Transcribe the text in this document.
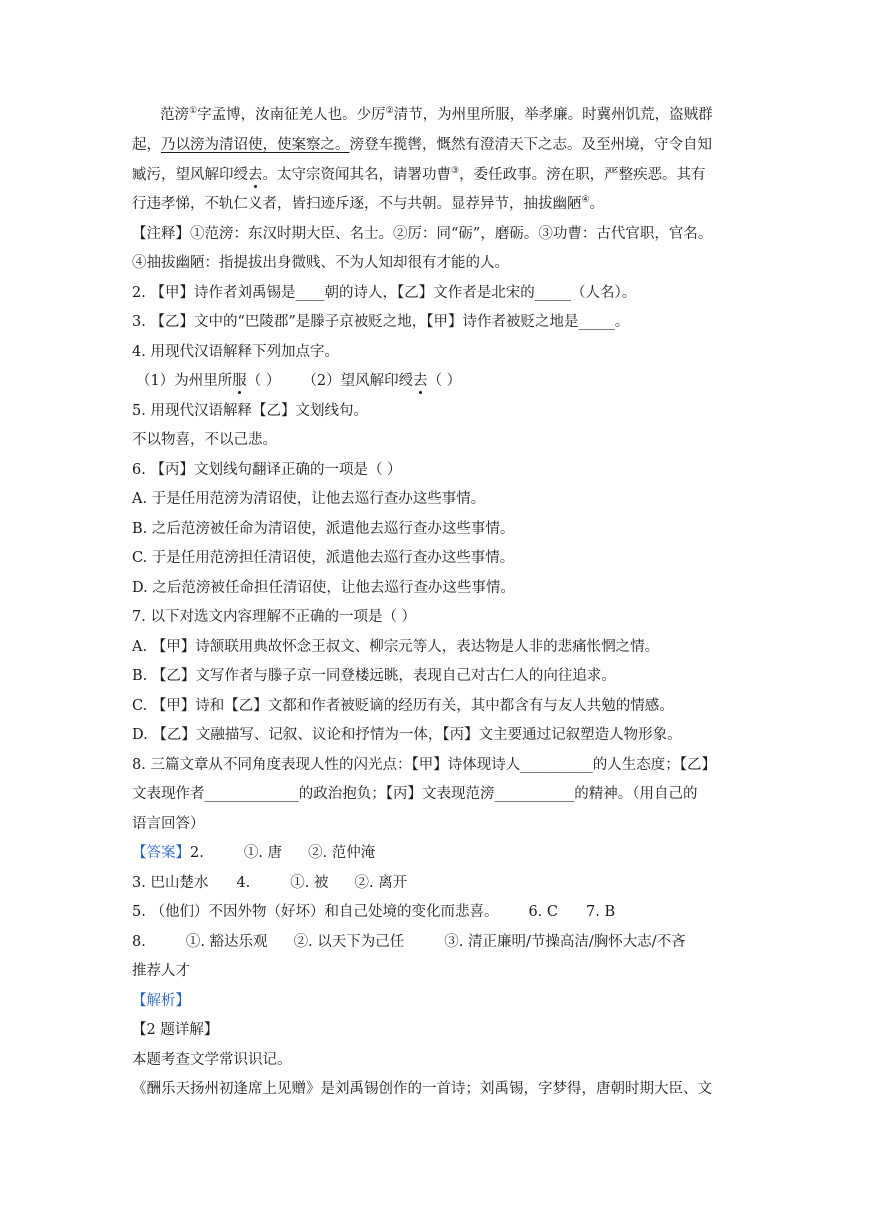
范滂①字孟博，汝南征羌人也。少厉②清节，为州里所服，举孝廉。时冀州饥荒，盗贼群
起，乃以滂为清诏使，使案察之。滂登车揽辔，慨然有澄清天下之志。及至州境，守令自知
臧污，望风解印绶去。太守宗资闻其名，请署功曹③，委任政事。滂在职，严整疾恶。其有
行违孝悌，不轨仁义者，皆扫迹斥逐，不与共朝。显荐异节，抽拔幽陋④。
【注释】①范滂：东汉时期大臣、名士。②厉：同“砺”，磨砺。③功曹：古代官职，官名。
④抽拔幽陋：指提拔出身微贱、不为人知却很有才能的人。
2. 【甲】诗作者刘禹锡是____朝的诗人，【乙】文作者是北宋的_____（人名）。
3. 【乙】文中的“巴陵郡”是滕子京被贬之地，【甲】诗作者被贬之地是_____。
4. 用现代汉语解释下列加点字。
（1）为州里所服（ ） （2）望风解印绶去（ ）
5. 用现代汉语解释【乙】文划线句。
不以物喜，不以己悲。
6. 【丙】文划线句翻译正确的一项是（ ）
A. 于是任用范滂为清诏使，让他去巡行查办这些事情。
B. 之后范滂被任命为清诏使，派遣他去巡行查办这些事情。
C. 于是任用范滂担任清诏使，派遣他去巡行查办这些事情。
D. 之后范滂被任命担任清诏使，让他去巡行查办这些事情。
7. 以下对选文内容理解不正确的一项是（ ）
A. 【甲】诗颔联用典故怀念王叔文、柳宗元等人，表达物是人非的悲痛怅惘之情。
B. 【乙】文写作者与滕子京一同登楼远眺，表现自己对古仁人的向往追求。
C. 【甲】诗和【乙】文都和作者被贬谪的经历有关，其中都含有与友人共勉的情感。
D. 【乙】文融描写、记叙、议论和抒情为一体，【丙】文主要通过记叙塑造人物形象。
8. 三篇文章从不同角度表现人性的闪光点：【甲】诗体现诗人__________的人生态度；【乙】
文表现作者_____________的政治抱负；【丙】文表现范滂___________的精神。（用自己的
语言回答）
【答案】2.	①. 唐 ②. 范仲淹
3. 巴山楚水 4.	①. 被 ②. 离开
5. （他们）不因外物（好坏）和自己处境的变化而悲喜。 6. C 7. B
8.	①. 豁达乐观 ②. 以天下为己任	③. 清正廉明/节操高洁/胸怀大志/不吝
推荐人才
【解析】
【2 题详解】
本题考查文学常识识记。
《酬乐天扬州初逢席上见赠》是刘禹锡创作的一首诗；刘禹锡，字梦得，唐朝时期大臣、文
